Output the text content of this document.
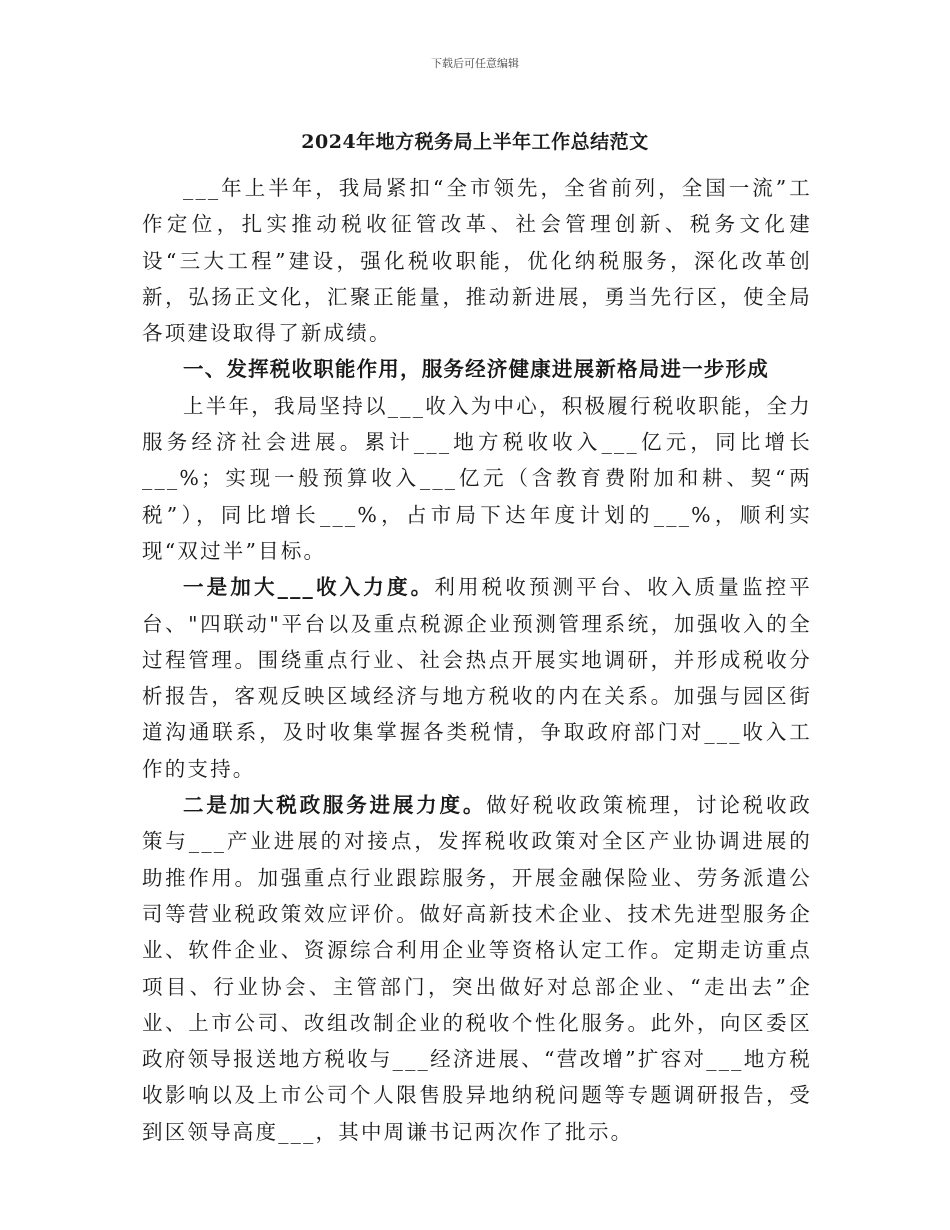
下载后可任意编辑
2024年地方税务局上半年工作总结范文

___年上半年，我局紧扣“全市领先，全省前列，全国一流”工作定位，扎实推动税收征管改革、社会管理创新、税务文化建设“三大工程”建设，强化税收职能，优化纳税服务，深化改革创新，弘扬正文化，汇聚正能量，推动新进展，勇当先行区，使全局各项建设取得了新成绩。

一、发挥税收职能作用，服务经济健康进展新格局进一步形成

上半年，我局坚持以___收入为中心，积极履行税收职能，全力服务经济社会进展。累计___地方税收收入___亿元，同比增长___%；实现一般预算收入___亿元（含教育费附加和耕、契“两税”），同比增长___%，占市局下达年度计划的___%，顺利实现“双过半”目标。

一是加大___收入力度。利用税收预测平台、收入质量监控平台、"四联动"平台以及重点税源企业预测管理系统，加强收入的全过程管理。围绕重点行业、社会热点开展实地调研，并形成税收分析报告，客观反映区域经济与地方税收的内在关系。加强与园区街道沟通联系，及时收集掌握各类税情，争取政府部门对___收入工作的支持。

二是加大税政服务进展力度。做好税收政策梳理，讨论税收政策与___产业进展的对接点，发挥税收政策对全区产业协调进展的助推作用。加强重点行业跟踪服务，开展金融保险业、劳务派遣公司等营业税政策效应评价。做好高新技术企业、技术先进型服务企业、软件企业、资源综合利用企业等资格认定工作。定期走访重点项目、行业协会、主管部门，突出做好对总部企业、“走出去”企业、上市公司、改组改制企业的税收个性化服务。此外，向区委区政府领导报送地方税收与___经济进展、“营改增”扩容对___地方税收影响以及上市公司个人限售股异地纳税问题等专题调研报告，受到区领导高度___，其中周谦书记两次作了批示。
